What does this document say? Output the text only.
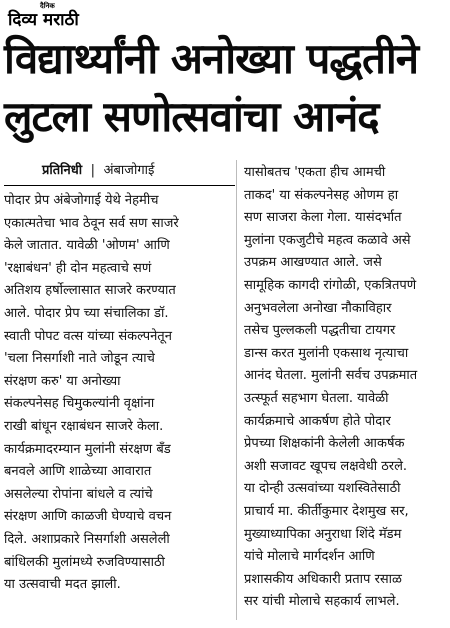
दैनिक
दिव्य मराठी
विद्यार्थ्यांनी अनोख्या पद्धतीने
लुटला सणोत्सवांचा आनंद
प्रतिनिधी | अंबाजोगाई
पोदार प्रेप अंबेजोगाई येथे नेहमीच
एकात्मतेचा भाव ठेवून सर्व सण साजरे
केले जातात. यावेळी 'ओणम' आणि
'रक्षाबंधन' ही दोन महत्वाचे सणं
अतिशय हर्षोल्लासात साजरे करण्यात
आले. पोदार प्रेप च्या संचालिका डॉ.
स्वाती पोपट वत्स यांच्या संकल्पनेतून
'चला निसर्गाशी नाते जोडून त्याचे
संरक्षण करु' या अनोख्या
संकल्पनेसह चिमुकल्यांनी वृक्षांना
राखी बांधून रक्षाबंधन साजरे केला.
कार्यक्रमादरम्यान मुलांनी संरक्षण बँड
बनवले आणि शाळेच्या आवारात
असलेल्या रोपांना बांधले व त्यांचे
संरक्षण आणि काळजी घेण्याचे वचन
दिले. अशाप्रकारे निसर्गाशी असलेली
बांधिलकी मुलांमध्ये रुजविण्यासाठी
या उत्सवाची मदत झाली.
यासोबतच 'एकता हीच आमची
ताकद' या संकल्पनेसह ओणम हा
सण साजरा केला गेला. यासंदर्भात
मुलांना एकजुटीचे महत्व कळावे असे
उपक्रम आखण्यात आले. जसे
सामूहिक कागदी रांगोळी, एकत्रितपणे
अनुभवलेला अनोखा नौकाविहार
तसेच पुल्लकली पद्धतीचा टायगर
डान्स करत मुलांनी एकसाथ नृत्याचा
आनंद घेतला. मुलांनी सर्वच उपक्रमात
उत्स्फूर्त सहभाग घेतला. यावेळी
कार्यक्रमाचे आकर्षण होते पोदार
प्रेपच्या शिक्षकांनी केलेली आकर्षक
अशी सजावट खूपच लक्षवेधी ठरले.
या दोन्ही उत्सवांच्या यशस्वितेसाठी
प्राचार्य मा. कीर्तीकुमार देशमुख सर,
मुख्याध्यापिका अनुराधा शिंदे मॅडम
यांचे मोलाचे मार्गदर्शन आणि
प्रशासकीय अधिकारी प्रताप रसाळ
सर यांची मोलाचे सहकार्य लाभले.
